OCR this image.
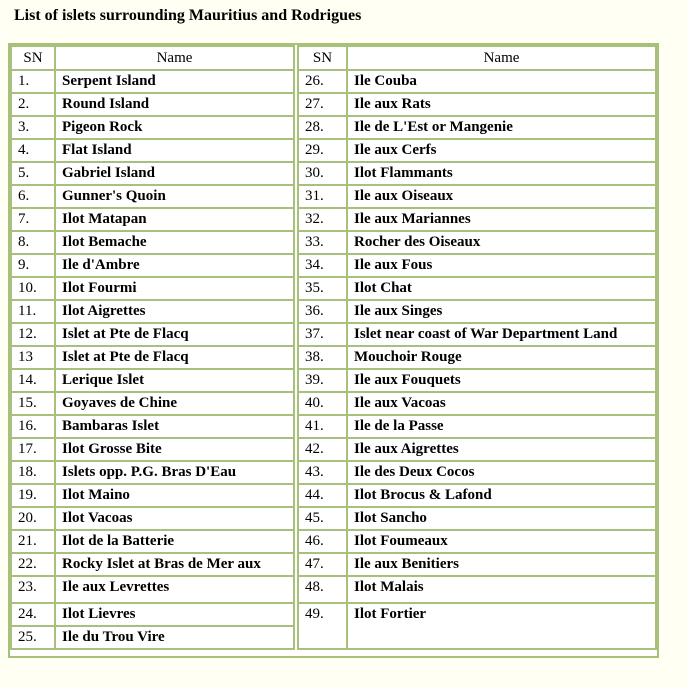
List of islets surrounding Mauritius and Rodrigues
SN	Name
1.	Serpent Island
2.	Round Island
3.	Pigeon Rock
4.	Flat Island
5.	Gabriel Island
6.	Gunner's Quoin
7.	Ilot Matapan
8.	Ilot Bemache
9.	Ile d'Ambre
10.	Ilot Fourmi
11.	Ilot Aigrettes
12.	Islet at Pte de Flacq
13	Islet at Pte de Flacq
14.	Lerique Islet
15.	Goyaves de Chine
16.	Bambaras Islet
17.	Ilot Grosse Bite
18.	Islets opp. P.G. Bras D'Eau
19.	Ilot Maino
20.	Ilot Vacoas
21.	Ilot de la Batterie
22.	Rocky Islet at Bras de Mer aux
23.	Ile aux Levrettes
24.	Ilot Lievres
25.	Ile du Trou Vire
SN	Name
26.	Ile Couba
27.	Ile aux Rats
28.	Ile de L'Est or Mangenie
29.	Ile aux Cerfs
30.	Ilot Flammants
31.	Ile aux Oiseaux
32.	Ile aux Mariannes
33.	Rocher des Oiseaux
34.	Ile aux Fous
35.	Ilot Chat
36.	Ile aux Singes
37.	Islet near coast of War Department Land
38.	Mouchoir Rouge
39.	Ile aux Fouquets
40.	Ile aux Vacoas
41.	Ile de la Passe
42.	Ile aux Aigrettes
43.	Ile des Deux Cocos
44.	Ilot Brocus & Lafond
45.	Ilot Sancho
46.	Ilot Foumeaux
47.	Ile aux Benitiers
48.	Ilot Malais
49.	Ilot Fortier
